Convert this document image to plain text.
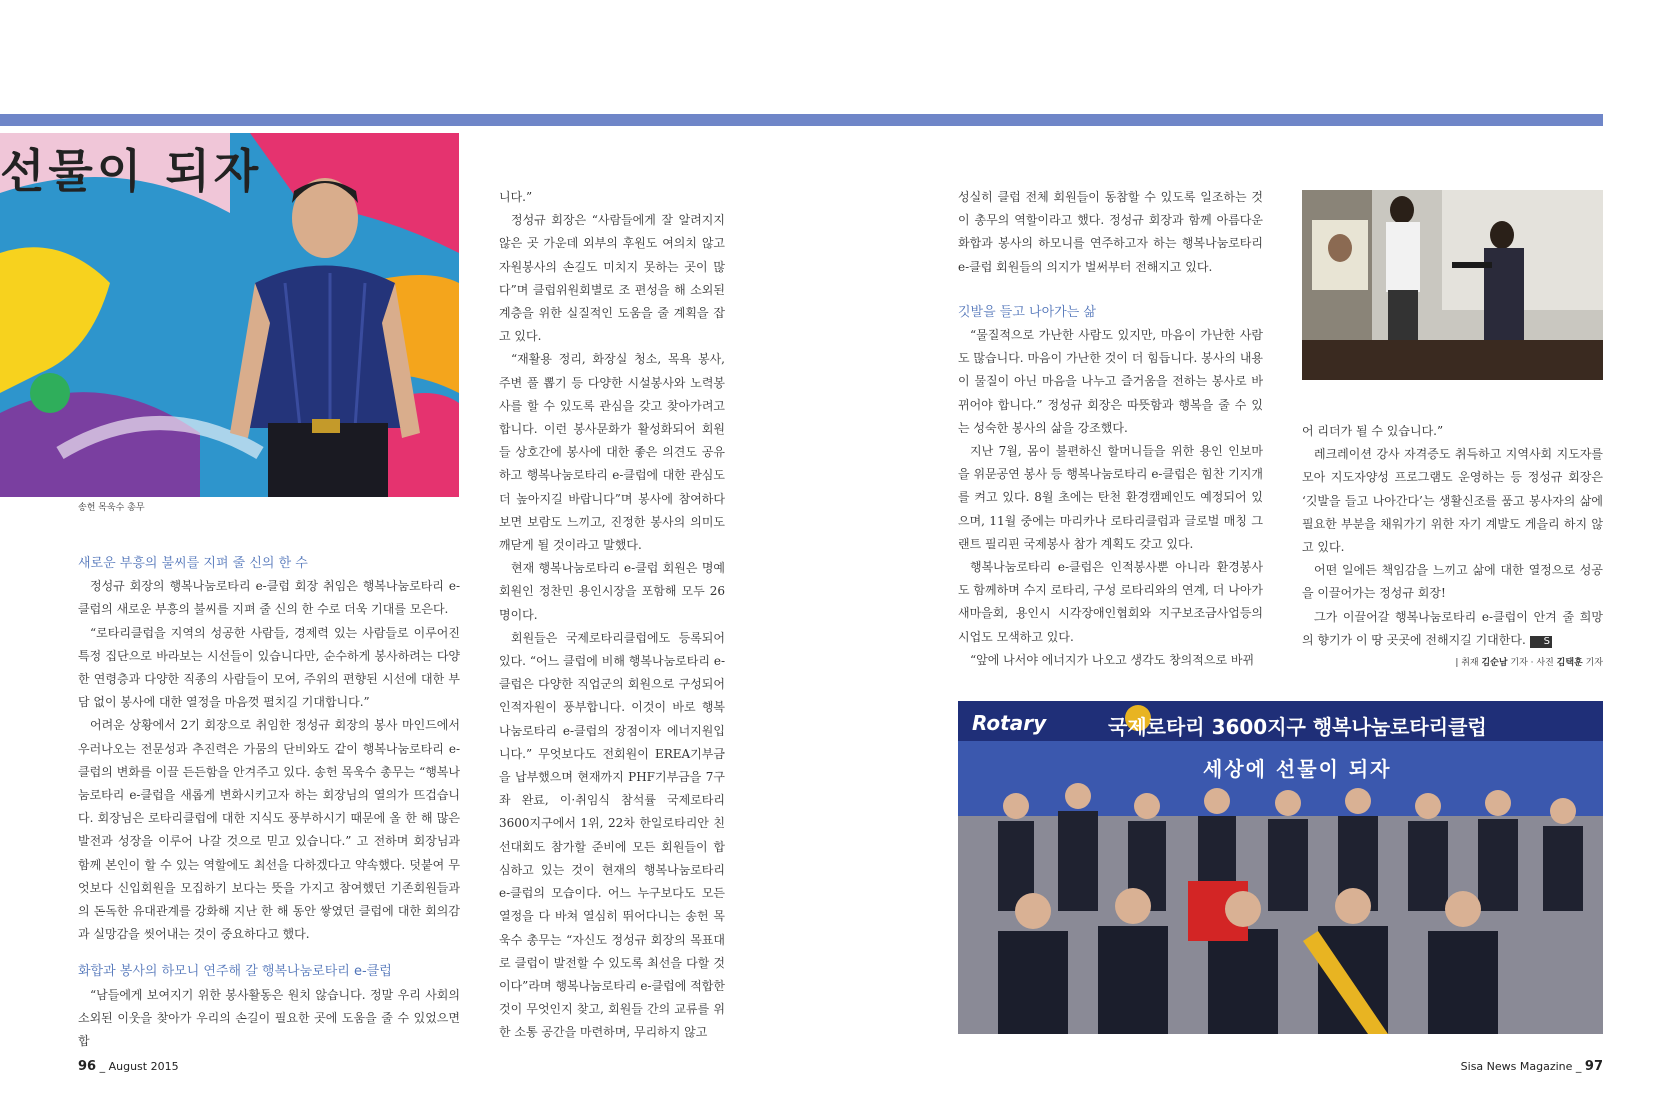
선물이 되자
송헌 목욱수 총무

새로운 부흥의 불씨를 지펴 줄 신의 한 수

정성규 회장의 행복나눔로타리 e-클럽 회장 취임은 행복나눔로타리 e-클럽의 새로운 부흥의 불씨를 지펴 줄 신의 한 수로 더욱 기대를 모은다.

“로타리클럽을 지역의 성공한 사람들, 경제력 있는 사람들로 이루어진 특정 집단으로 바라보는 시선들이 있습니다만, 순수하게 봉사하려는 다양한 연령층과 다양한 직종의 사람들이 모여, 주위의 편향된 시선에 대한 부담 없이 봉사에 대한 열정을 마음껏 펼치길 기대합니다.”

어려운 상황에서 2기 회장으로 취임한 정성규 회장의 봉사 마인드에서 우러나오는 전문성과 추진력은 가뭄의 단비와도 같이 행복나눔로타리 e-클럽의 변화를 이끌 든든함을 안겨주고 있다. 송헌 목욱수 총무는 “행복나눔로타리 e-클럽을 새롭게 변화시키고자 하는 회장님의 열의가 뜨겁습니다. 회장님은 로타리클럽에 대한 지식도 풍부하시기 때문에 올 한 해 많은 발전과 성장을 이루어 나갈 것으로 믿고 있습니다.” 고 전하며 회장님과 함께 본인이 할 수 있는 역할에도 최선을 다하겠다고 약속했다. 덧붙여 무엇보다 신입회원을 모집하기 보다는 뜻을 가지고 참여했던 기존회원들과의 돈독한 유대관계를 강화해 지난 한 해 동안 쌓였던 클럽에 대한 회의감과 실망감을 씻어내는 것이 중요하다고 했다.

화합과 봉사의 하모니 연주해 갈 행복나눔로타리 e-클럽

“남들에게 보여지기 위한 봉사활동은 원치 않습니다. 정말 우리 사회의 소외된 이웃을 찾아가 우리의 손길이 필요한 곳에 도움을 줄 수 있었으면 합

니다.”

정성규 회장은 “사람들에게 잘 알려지지 않은 곳 가운데 외부의 후원도 여의치 않고 자원봉사의 손길도 미치지 못하는 곳이 많다”며 클럽위원회별로 조 편성을 해 소외된 계층을 위한 실질적인 도움을 줄 계획을 잡고 있다.

“재활용 정리, 화장실 청소, 목욕 봉사, 주변 풀 뽑기 등 다양한 시설봉사와 노력봉사를 할 수 있도록 관심을 갖고 찾아가려고 합니다. 이런 봉사문화가 활성화되어 회원들 상호간에 봉사에 대한 좋은 의견도 공유하고 행복나눔로타리 e-클럽에 대한 관심도 더 높아지길 바랍니다”며 봉사에 참여하다 보면 보람도 느끼고, 진정한 봉사의 의미도 깨닫게 될 것이라고 말했다.

현재 행복나눔로타리 e-클럽 회원은 명예회원인 정찬민 용인시장을 포함해 모두 26명이다.

회원들은 국제로타리클럽에도 등록되어 있다. “어느 클럽에 비해 행복나눔로타리 e-클럽은 다양한 직업군의 회원으로 구성되어 인적자원이 풍부합니다. 이것이 바로 행복나눔로타리 e-클럽의 장점이자 에너지원입니다.” 무엇보다도 전회원이 EREA기부금을 납부했으며 현재까지 PHF기부금을 7구좌 완료, 이·취임식 참석률 국제로타리 3600지구에서 1위, 22차 한일로타리안 친선대회도 참가할 준비에 모든 회원들이 합심하고 있는 것이 현재의 행복나눔로타리 e-클럽의 모습이다. 어느 누구보다도 모든 열정을 다 바쳐 열심히 뛰어다니는 송헌 목욱수 총무는 “자신도 정성규 회장의 목표대로 클럽이 발전할 수 있도록 최선을 다할 것이다”라며 행복나눔로타리 e-클럽에 적합한 것이 무엇인지 찾고, 회원들 간의 교류를 위한 소통 공간을 마련하며, 무리하지 않고

성실히 클럽 전체 회원들이 동참할 수 있도록 일조하는 것이 총무의 역할이라고 했다. 정성규 회장과 함께 아름다운 화합과 봉사의 하모니를 연주하고자 하는 행복나눔로타리 e-클럽 회원들의 의지가 벌써부터 전해지고 있다.

깃발을 들고 나아가는 삶

“물질적으로 가난한 사람도 있지만, 마음이 가난한 사람도 많습니다. 마음이 가난한 것이 더 힘듭니다. 봉사의 내용이 물질이 아닌 마음을 나누고 즐거움을 전하는 봉사로 바뀌어야 합니다.” 정성규 회장은 따뜻함과 행복을 줄 수 있는 성숙한 봉사의 삶을 강조했다.

지난 7월, 몸이 불편하신 할머니들을 위한 용인 인보마을 위문공연 봉사 등 행복나눔로타리 e-클럽은 힘찬 기지개를 켜고 있다. 8월 초에는 탄천 환경캠페인도 예정되어 있으며, 11월 중에는 마리카나 로타리클럽과 글로벌 매칭 그랜트 필리핀 국제봉사 참가 계획도 갖고 있다.

행복나눔로타리 e-클럽은 인적봉사뿐 아니라 환경봉사도 함께하며 수지 로타리, 구성 로타리와의 연계, 더 나아가 새마을회, 용인시 시각장애인협회와 지구보조금사업등의 시업도 모색하고 있다.

“앞에 나서야 에너지가 나오고 생각도 창의적으로 바뀌

어 리더가 될 수 있습니다.”

레크레이션 강사 자격증도 취득하고 지역사회 지도자를 모아 지도자양성 프로그램도 운영하는 등 정성규 회장은 ‘깃발을 들고 나아간다’는 생활신조를 품고 봉사자의 삶에 필요한 부분을 채워가기 위한 자기 계발도 게을리 하지 않고 있다.

어떤 일에든 책임감을 느끼고 삶에 대한 열정으로 성공을 이끌어가는 정성규 회장!

그가 이끌어갈 행복나눔로타리 e-클럽이 안겨 줄 희망의 향기가 이 땅 곳곳에 전해지길 기대한다. S

| 취재 김순남 기자 · 사진 김택훈 기자
Rotary	국제로타리 3600지구 행복나눔로타리클럽
세상에 선물이 되자
96 _ August 2015	Sisa News Magazine _ 97
